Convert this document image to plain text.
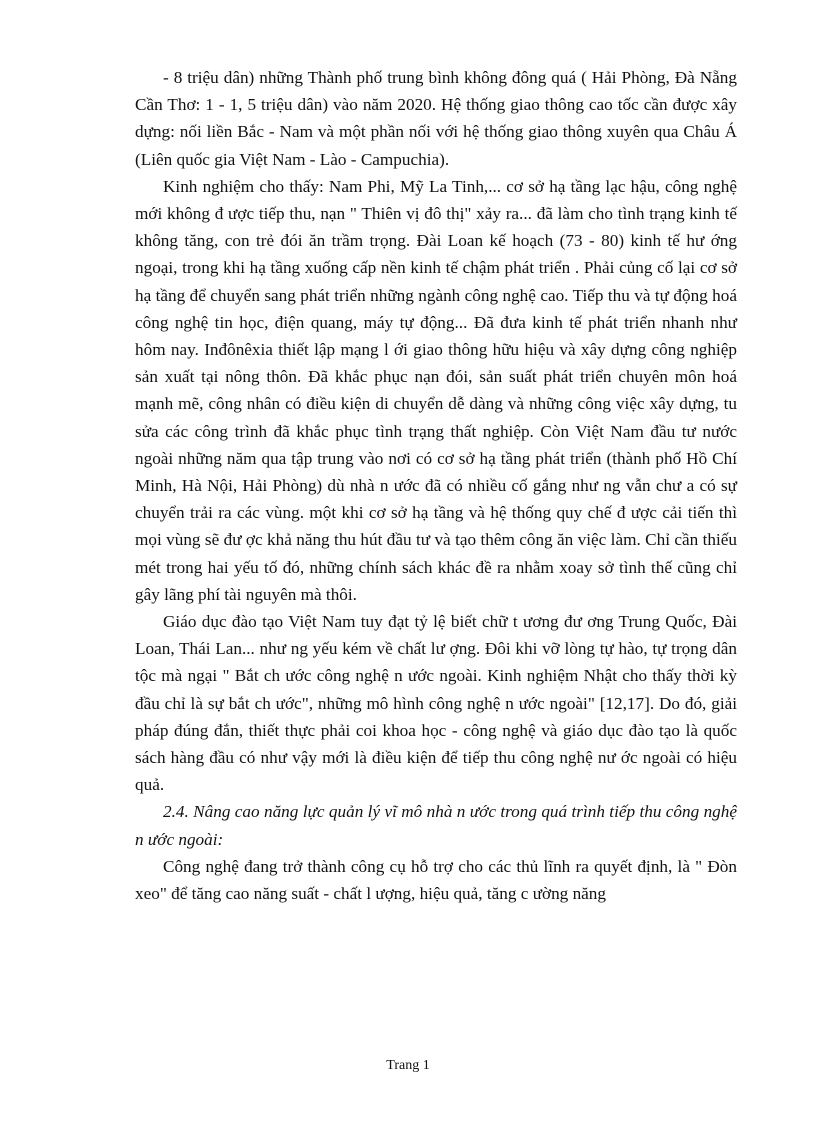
- 8 triệu dân) những Thành phố trung bình không đông quá ( Hải Phòng, Đà Nẵng Cần Thơ: 1 - 1, 5 triệu dân) vào năm 2020. Hệ thống giao thông cao tốc cần được xây dựng: nối liền Bắc - Nam và một phần nối với hệ thống giao thông xuyên qua Châu Á (Liên quốc gia Việt Nam - Lào - Campuchia).

Kinh nghiệm cho thấy: Nam Phi, Mỹ La Tinh,... cơ sở hạ tầng lạc hậu, công nghệ mới không đ ược tiếp thu, nạn " Thiên vị đô thị" xảy ra... đã làm cho tình trạng kinh tế không tăng, con trẻ đói ăn trầm trọng. Đài Loan kế hoạch (73 - 80) kinh tế hư ớng ngoại, trong khi hạ tầng xuống cấp nền kinh tế chậm phát triển . Phải củng cố lại cơ sở hạ tầng để chuyển sang phát triển những ngành công nghệ cao. Tiếp thu và tự động hoá công nghệ tin học, điện quang, máy tự động... Đã đưa kinh tế phát triển nhanh như hôm nay. Inđônêxia thiết lập mạng l ới giao thông hữu hiệu và xây dựng công nghiệp sản xuất tại nông thôn. Đã khắc phục nạn đói, sản suất phát triển chuyên môn hoá mạnh mẽ, công nhân có điều kiện di chuyển dễ dàng và những công việc xây dựng, tu sửa các công trình đã khắc phục tình trạng thất nghiệp. Còn Việt Nam đầu tư nước ngoài những năm qua tập trung vào nơi có cơ sở hạ tầng phát triển (thành phố Hồ Chí Minh, Hà Nội, Hải Phòng) dù nhà n ước đã có nhiều cố gắng như ng vẫn chư a có sự chuyển trải ra các vùng. một khi cơ sở hạ tầng và hệ thống quy chế đ ược cải tiến thì mọi vùng sẽ đư ợc khả năng thu hút đầu tư và tạo thêm công ăn việc làm. Chỉ cần thiếu mét trong hai yếu tố đó, những chính sách khác đề ra nhằm xoay sở tình thế cũng chỉ gây lãng phí tài nguyên mà thôi.

Giáo dục đào tạo Việt Nam tuy đạt tỷ lệ biết chữ t ương đư ơng Trung Quốc, Đài Loan, Thái Lan... như ng yếu kém về chất lư ợng. Đôi khi vỡ lòng tự hào, tự trọng dân tộc mà ngại " Bắt ch ước công nghệ n ước ngoài. Kinh nghiệm Nhật cho thấy thời kỳ đầu chỉ là sự bắt ch ước", những mô hình công nghệ n ước ngoài" [12,17]. Do đó, giải pháp đúng đắn, thiết thực phải coi khoa học - công nghệ và giáo dục đào tạo là quốc sách hàng đầu có như vậy mới là điều kiện để tiếp thu công nghệ nư ớc ngoài có hiệu quả.

2.4. Nâng cao năng lực quản lý vĩ mô nhà n ước trong quá trình tiếp thu công nghệ n ước ngoài:

Công nghệ đang trở thành công cụ hỗ trợ cho các thủ lĩnh ra quyết định, là " Đòn xeo" để tăng cao năng suất - chất l ượng, hiệu quả, tăng c ường năng

Trang 1
